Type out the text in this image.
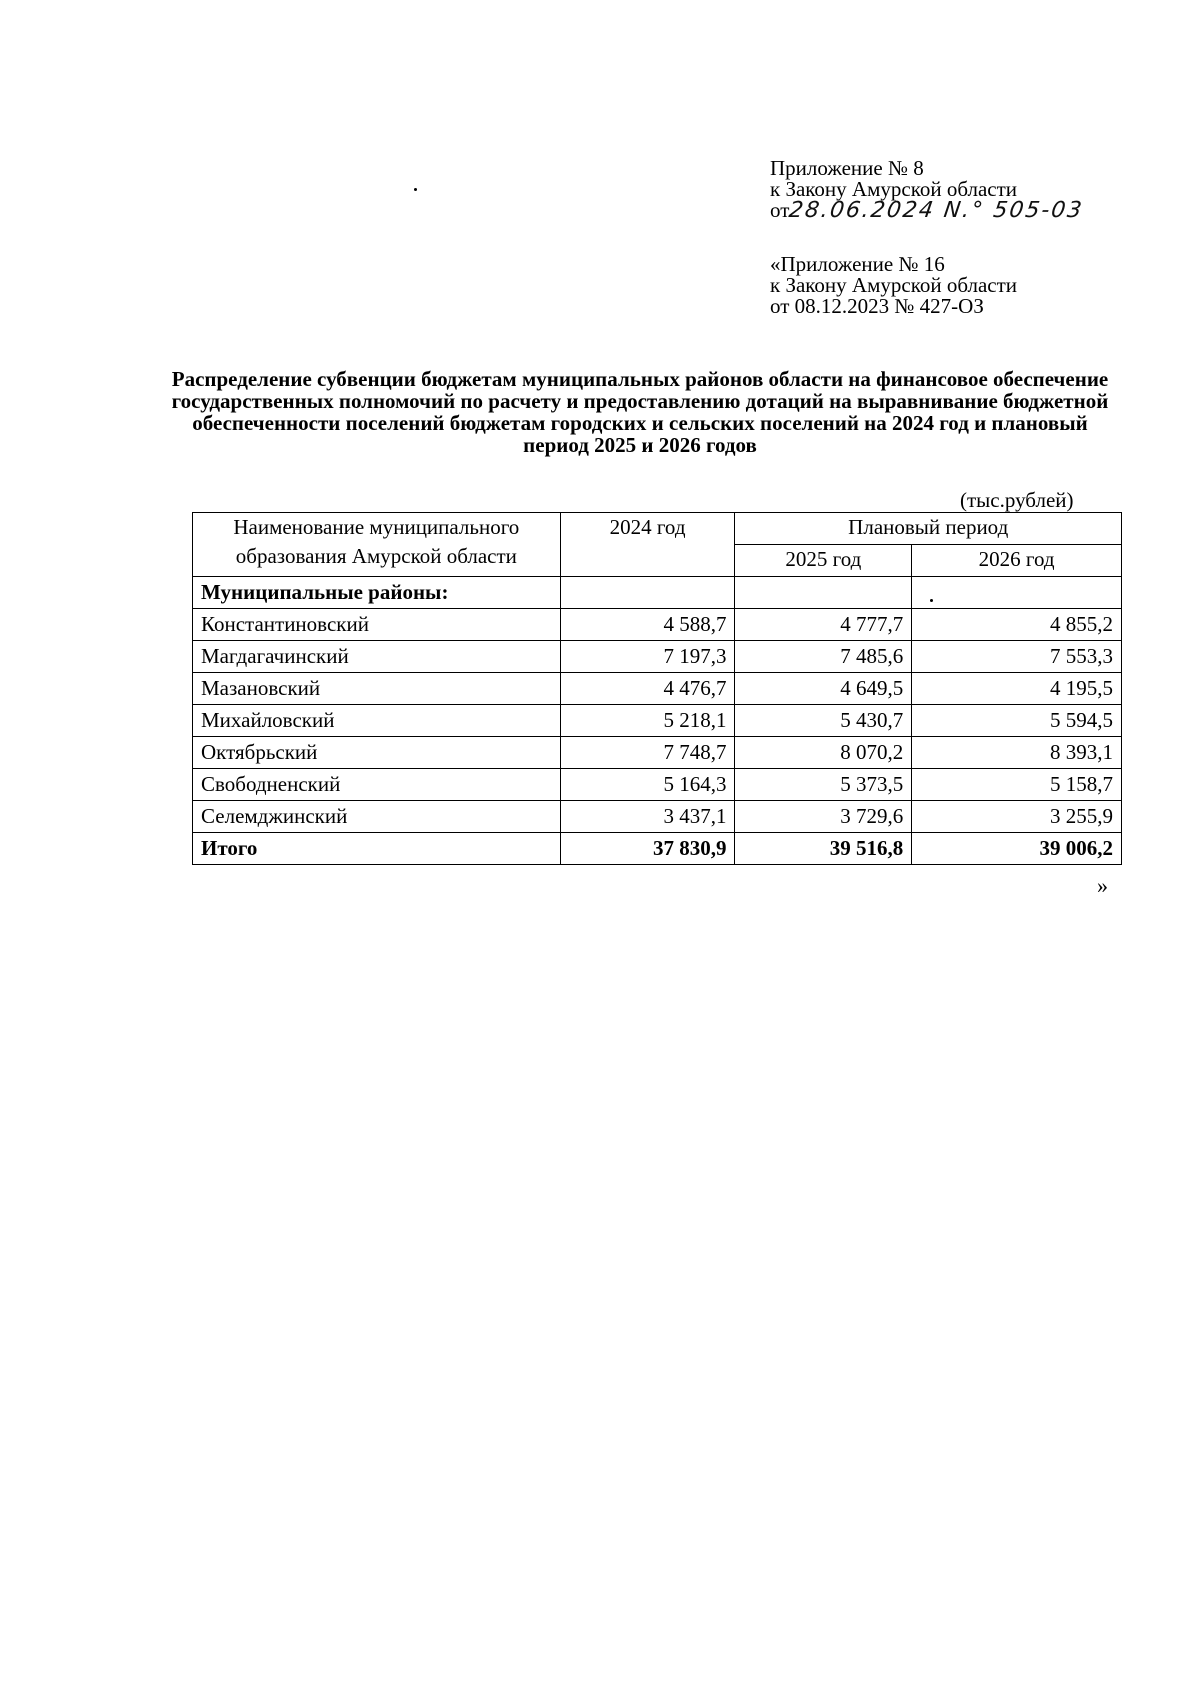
Приложение № 8
к Закону Амурской области
от28.06.2024 N.° 505-03
«Приложение № 16
к Закону Амурской области
от 08.12.2023 № 427-ОЗ
Распределение субвенции бюджетам муниципальных районов области на финансовое обеспечение государственных полномочий по расчету и предоставлению дотаций на выравнивание бюджетной обеспеченности поселений бюджетам городских и сельских поселений на 2024 год и плановый период 2025 и 2026 годов
(тыс.рублей)
Наименование муниципального образования Амурской области	2024 год	Плановый период	
		2025 год	2026 год
Муниципальные районы:			

Константиновский	4 588,7	4 777,7	4 855,2
Магдагачинский	7 197,3	7 485,6	7 553,3
Мазановский	4 476,7	4 649,5	4 195,5
Михайловский	5 218,1	5 430,7	5 594,5
Октябрьский	7 748,7	8 070,2	8 393,1
Свободненский	5 164,3	5 373,5	5 158,7
Селемджинский	3 437,1	3 729,6	3 255,9
Итого	37 830,9	39 516,8	39 006,2
»
